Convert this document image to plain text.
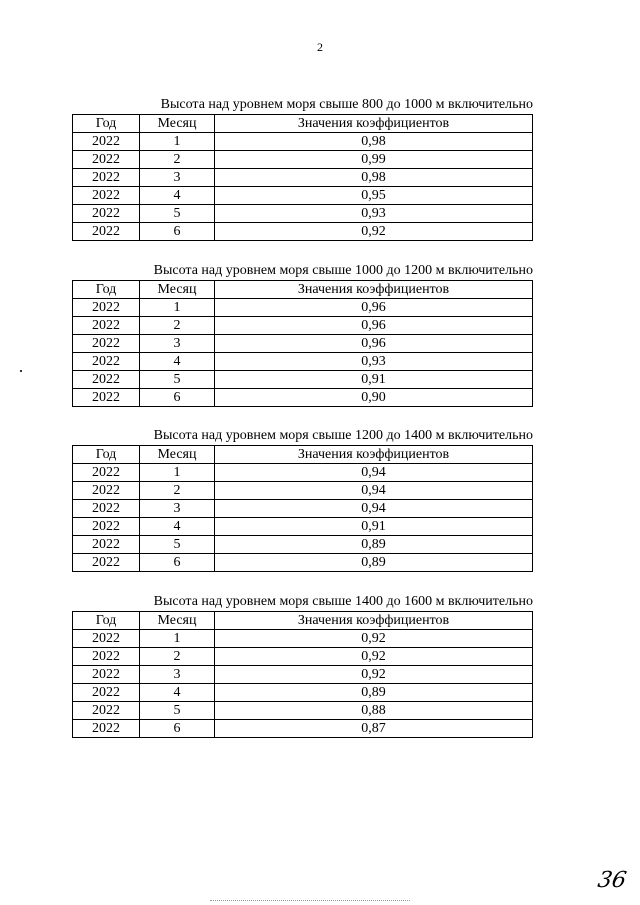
2
Высота над уровнем моря свыше 800 до 1000 м включительно
Год	Месяц	Значения коэффициентов
2022	1	0,98
2022	2	0,99
2022	3	0,98
2022	4	0,95
2022	5	0,93
2022	6	0,92
Высота над уровнем моря свыше 1000 до 1200 м включительно
Год	Месяц	Значения коэффициентов
2022	1	0,96
2022	2	0,96
2022	3	0,96
2022	4	0,93
2022	5	0,91
2022	6	0,90
Высота над уровнем моря свыше 1200 до 1400 м включительно
Год	Месяц	Значения коэффициентов
2022	1	0,94
2022	2	0,94
2022	3	0,94
2022	4	0,91
2022	5	0,89
2022	6	0,89
Высота над уровнем моря свыше 1400 до 1600 м включительно
Год	Месяц	Значения коэффициентов
2022	1	0,92
2022	2	0,92
2022	3	0,92
2022	4	0,89
2022	5	0,88
2022	6	0,87
36
